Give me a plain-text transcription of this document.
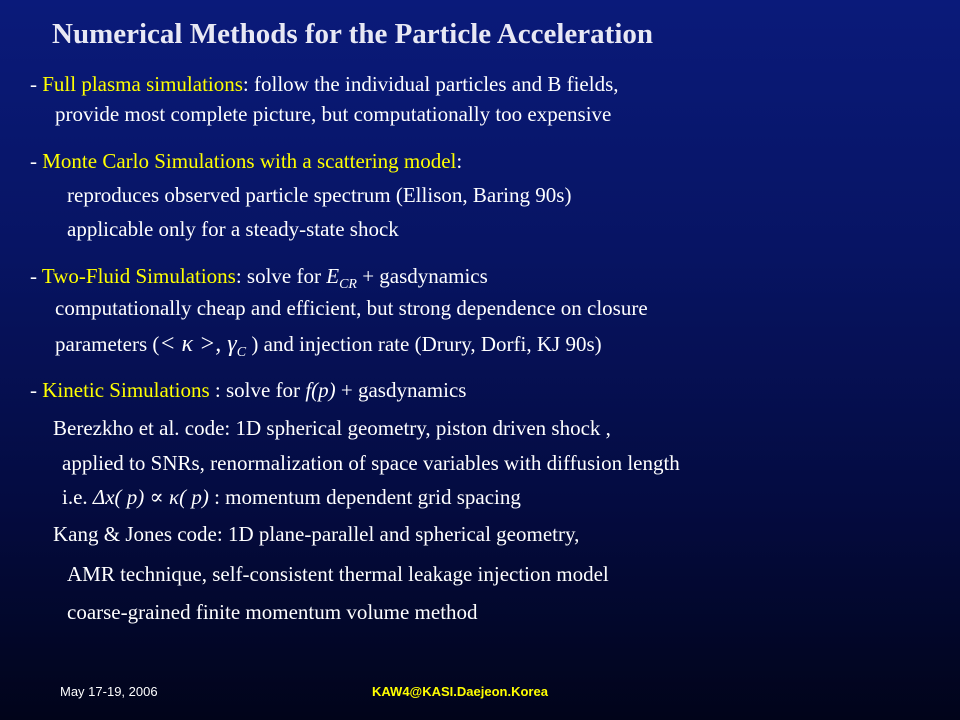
Numerical Methods for the Particle Acceleration
- Full plasma simulations: follow the individual particles and B fields,
provide most complete picture, but computationally too expensive
- Monte Carlo Simulations with a scattering model:
reproduces observed particle spectrum (Ellison, Baring 90s)
applicable only for a steady-state shock
- Two-Fluid Simulations: solve for $E_{CR}$ + gasdynamics
computationally cheap and efficient, but strong dependence on closure
parameters (< κ >, $\gamma_C$ ) and injection rate (Drury, Dorfi, KJ 90s)
- Kinetic Simulations : solve for f(p) + gasdynamics
Berezkho et al. code: 1D spherical geometry, piston driven shock ,
applied to SNRs, renormalization of space variables with diffusion length
i.e. Δx( p) ∝ κ( p) : momentum dependent grid spacing
Kang & Jones code: 1D plane-parallel and spherical geometry,
AMR technique, self-consistent thermal leakage injection model
coarse-grained finite momentum volume method
May 17-19, 2006	KAW4@KASI.Daejeon.Korea
